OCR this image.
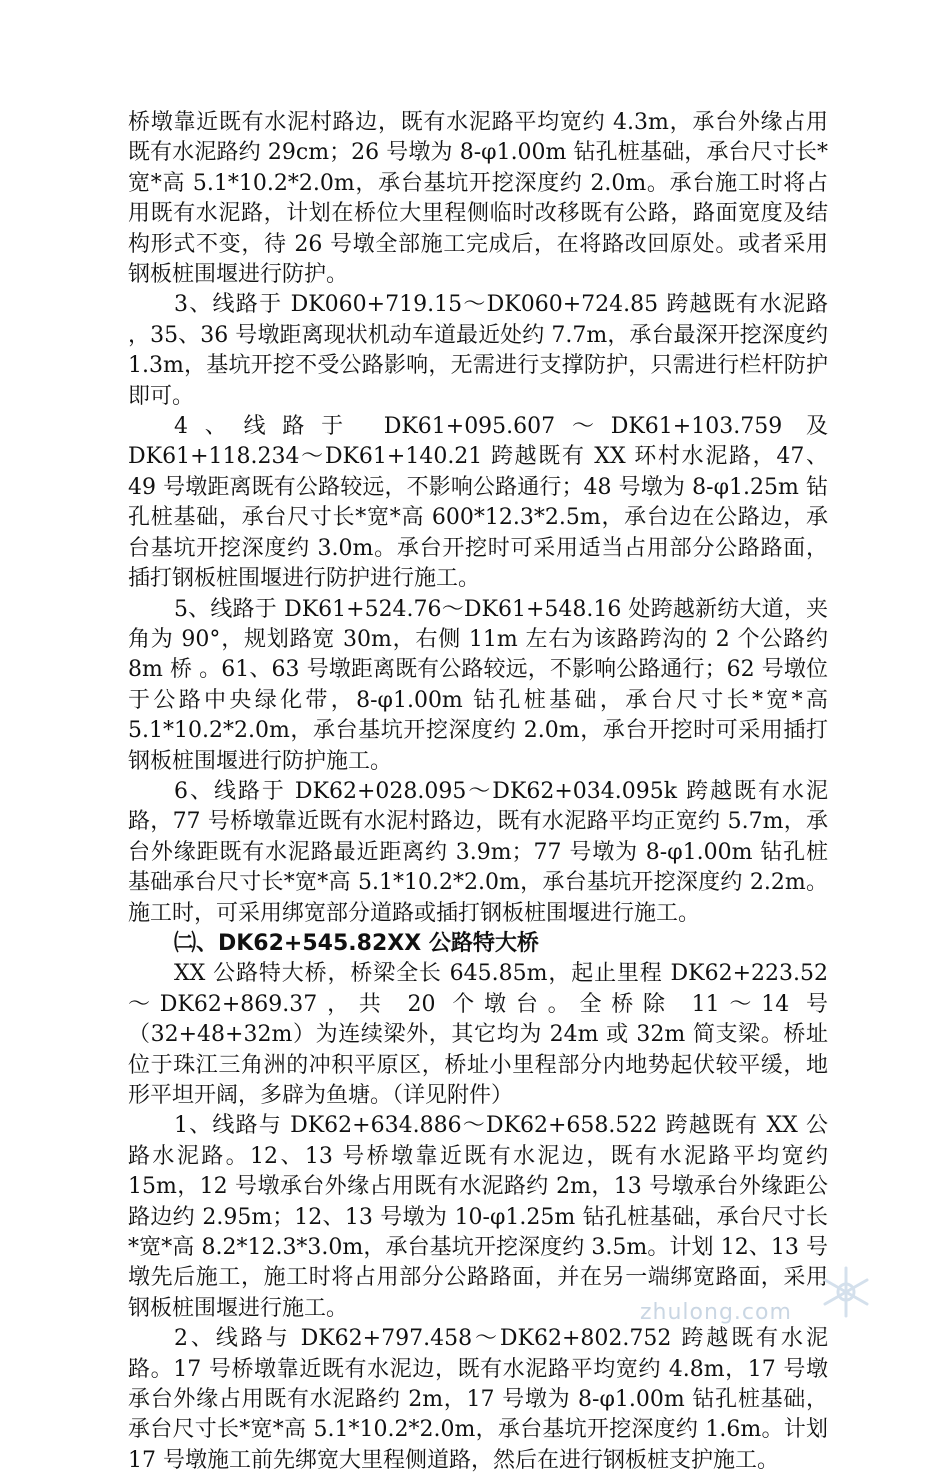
桥墩靠近既有水泥村路边，既有水泥路平均宽约 4.3m，承台外缘占用既有水泥路约 29cm；26 号墩为 8-φ1.00m 钻孔桩基础，承台尺寸长*宽*高 5.1*10.2*2.0m，承台基坑开挖深度约 2.0m。承台施工时将占用既有水泥路，计划在桥位大里程侧临时改移既有公路，路面宽度及结构形式不变，待 26 号墩全部施工完成后，在将路改回原处。或者采用钢板桩围堰进行防护。

3、线路于 DK060+719.15～DK060+724.85 跨越既有水泥路 ，35、36 号墩距离现状机动车道最近处约 7.7m，承台最深开挖深度约 1.3m，基坑开挖不受公路影响，无需进行支撑防护，只需进行栏杆防护即可。

4、线路于 DK61+095.607～DK61+103.759 及 DK61+118.234～DK61+140.21 跨越既有 XX 环村水泥路，47、49 号墩距离既有公路较远，不影响公路通行；48 号墩为 8-φ1.25m 钻孔桩基础，承台尺寸长*宽*高 600*12.3*2.5m，承台边在公路边，承台基坑开挖深度约 3.0m。承台开挖时可采用适当占用部分公路路面，插打钢板桩围堰进行防护进行施工。

5、线路于 DK61+524.76～DK61+548.16 处跨越新纺大道，夹角为 90°，规划路宽 30m，右侧 11m 左右为该路跨沟的 2 个公路约 8m 桥 。61、63 号墩距离既有公路较远，不影响公路通行；62 号墩位于公路中央绿化带，8-φ1.00m 钻孔桩基础，承台尺寸长*宽*高 5.1*10.2*2.0m，承台基坑开挖深度约 2.0m，承台开挖时可采用插打钢板桩围堰进行防护施工。

6、线路于 DK62+028.095～DK62+034.095k 跨越既有水泥路，77 号桥墩靠近既有水泥村路边，既有水泥路平均正宽约 5.7m，承台外缘距既有水泥路最近距离约 3.9m；77 号墩为 8-φ1.00m 钻孔桩基础承台尺寸长*宽*高 5.1*10.2*2.0m，承台基坑开挖深度约 2.2m。施工时，可采用绑宽部分道路或插打钢板桩围堰进行施工。

㈡、DK62+545.82XX 公路特大桥

XX 公路特大桥，桥梁全长 645.85m，起止里程 DK62+223.52～DK62+869.37，共 20 个墩台。全桥除 11～14 号（32+48+32m）为连续梁外，其它均为 24m 或 32m 简支梁。桥址位于珠江三角洲的冲积平原区，桥址小里程部分内地势起伏较平缓，地形平坦开阔，多辟为鱼塘。（详见附件）

1、线路与 DK62+634.886～DK62+658.522 跨越既有 XX 公路水泥路。12、13 号桥墩靠近既有水泥边，既有水泥路平均宽约 15m，12 号墩承台外缘占用既有水泥路约 2m，13 号墩承台外缘距公路边约 2.95m；12、13 号墩为 10-φ1.25m 钻孔桩基础，承台尺寸长*宽*高 8.2*12.3*3.0m，承台基坑开挖深度约 3.5m。计划 12、13 号墩先后施工，施工时将占用部分公路路面，并在另一端绑宽路面，采用钢板桩围堰进行施工。

2、线路与 DK62+797.458～DK62+802.752 跨越既有水泥路。17 号桥墩靠近既有水泥边，既有水泥路平均宽约 4.8m，17 号墩承台外缘占用既有水泥路约 2m，17 号墩为 8-φ1.00m 钻孔桩基础，承台尺寸长*宽*高 5.1*10.2*2.0m，承台基坑开挖深度约 1.6m。计划 17 号墩施工前先绑宽大里程侧道路，然后在进行钢板桩支护施工。

zhulong.com
